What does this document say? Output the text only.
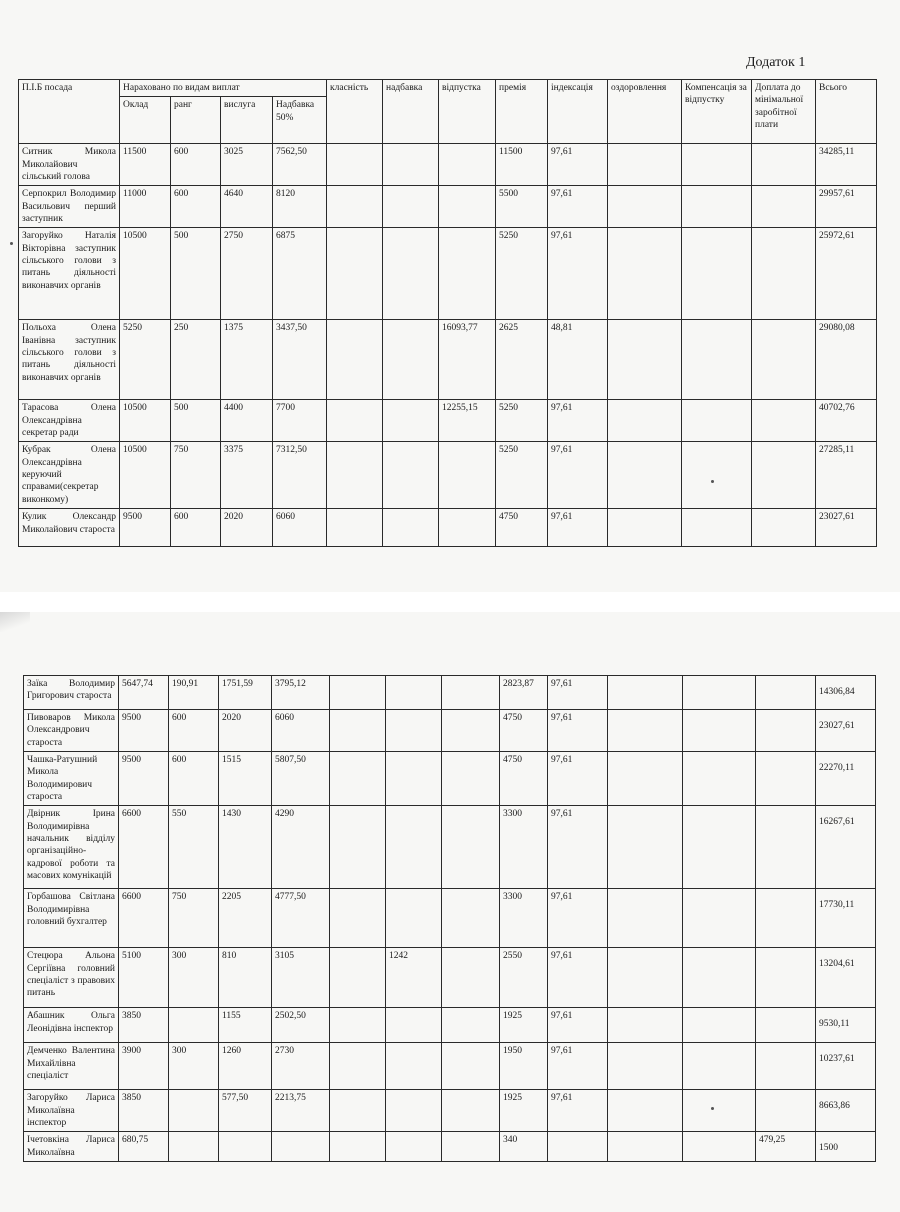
Додаток 1
П.І.Б посада	Нараховано по видам виплат				класність	надбавка	відпустка	премія	індексація	оздоровлення	Компенсація за відпустку	Доплата до мінімальної заробітної плати	Всього
	Оклад	ранг	вислуга	Надбавка 50%									
Ситник Микола Миколайович сільський голова	11500	600	3025	7562,50				11500	97,61				34285,11

Серпокрил Володимир Васильович перший заступник	11000	600	4640	8120				5500	97,61				29957,61

Загоруйко Наталія Вікторівна заступник сільського голови з питань діяльності виконавчих органів	10500	500	2750	6875				5250	97,61				25972,61

Польоха Олена Іванівна заступник сільського голови з питань діяльності виконавчих органів	5250	250	1375	3437,50			16093,77	2625	48,81				29080,08

Тарасова Олена Олександрівна секретар ради	10500	500	4400	7700			12255,15	5250	97,61				40702,76

Кубрак Олена Олександрівна керуючий справами(секретар виконкому)	10500	750	3375	7312,50				5250	97,61				27285,11

Кулик Олександр Миколайович староста	9500	600	2020	6060				4750	97,61				23027,61
Заїка Володимир Григорович староста	5647,74	190,91	1751,59	3795,12				2823,87	97,61				14306,84

Пивоваров Микола Олександрович староста	9500	600	2020	6060				4750	97,61				23027,61

Чашка-Ратушний Микола Володимирович староста	9500	600	1515	5807,50				4750	97,61				22270,11

Двірник Ірина Володимирівна начальник відділу організаційно-кадрової роботи та масових комунікацій	6600	550	1430	4290				3300	97,61				16267,61

Горбашова Світлана Володимирівна головний бухгалтер	6600	750	2205	4777,50				3300	97,61				17730,11

Стецюра Альона Сергіївна головний спеціаліст з правових питань	5100	300	810	3105		1242		2550	97,61				13204,61

Абашник Ольга Леонідівна інспектор	3850		1155	2502,50				1925	97,61				9530,11

Демченко Валентина Михайлівна спеціаліст	3900	300	1260	2730				1950	97,61				10237,61

Загоруйко Лариса Миколаївна інспектор	3850		577,50	2213,75				1925	97,61				8663,86

Ічетовкіна Лариса Миколаївна	680,75							340				479,25	1500
